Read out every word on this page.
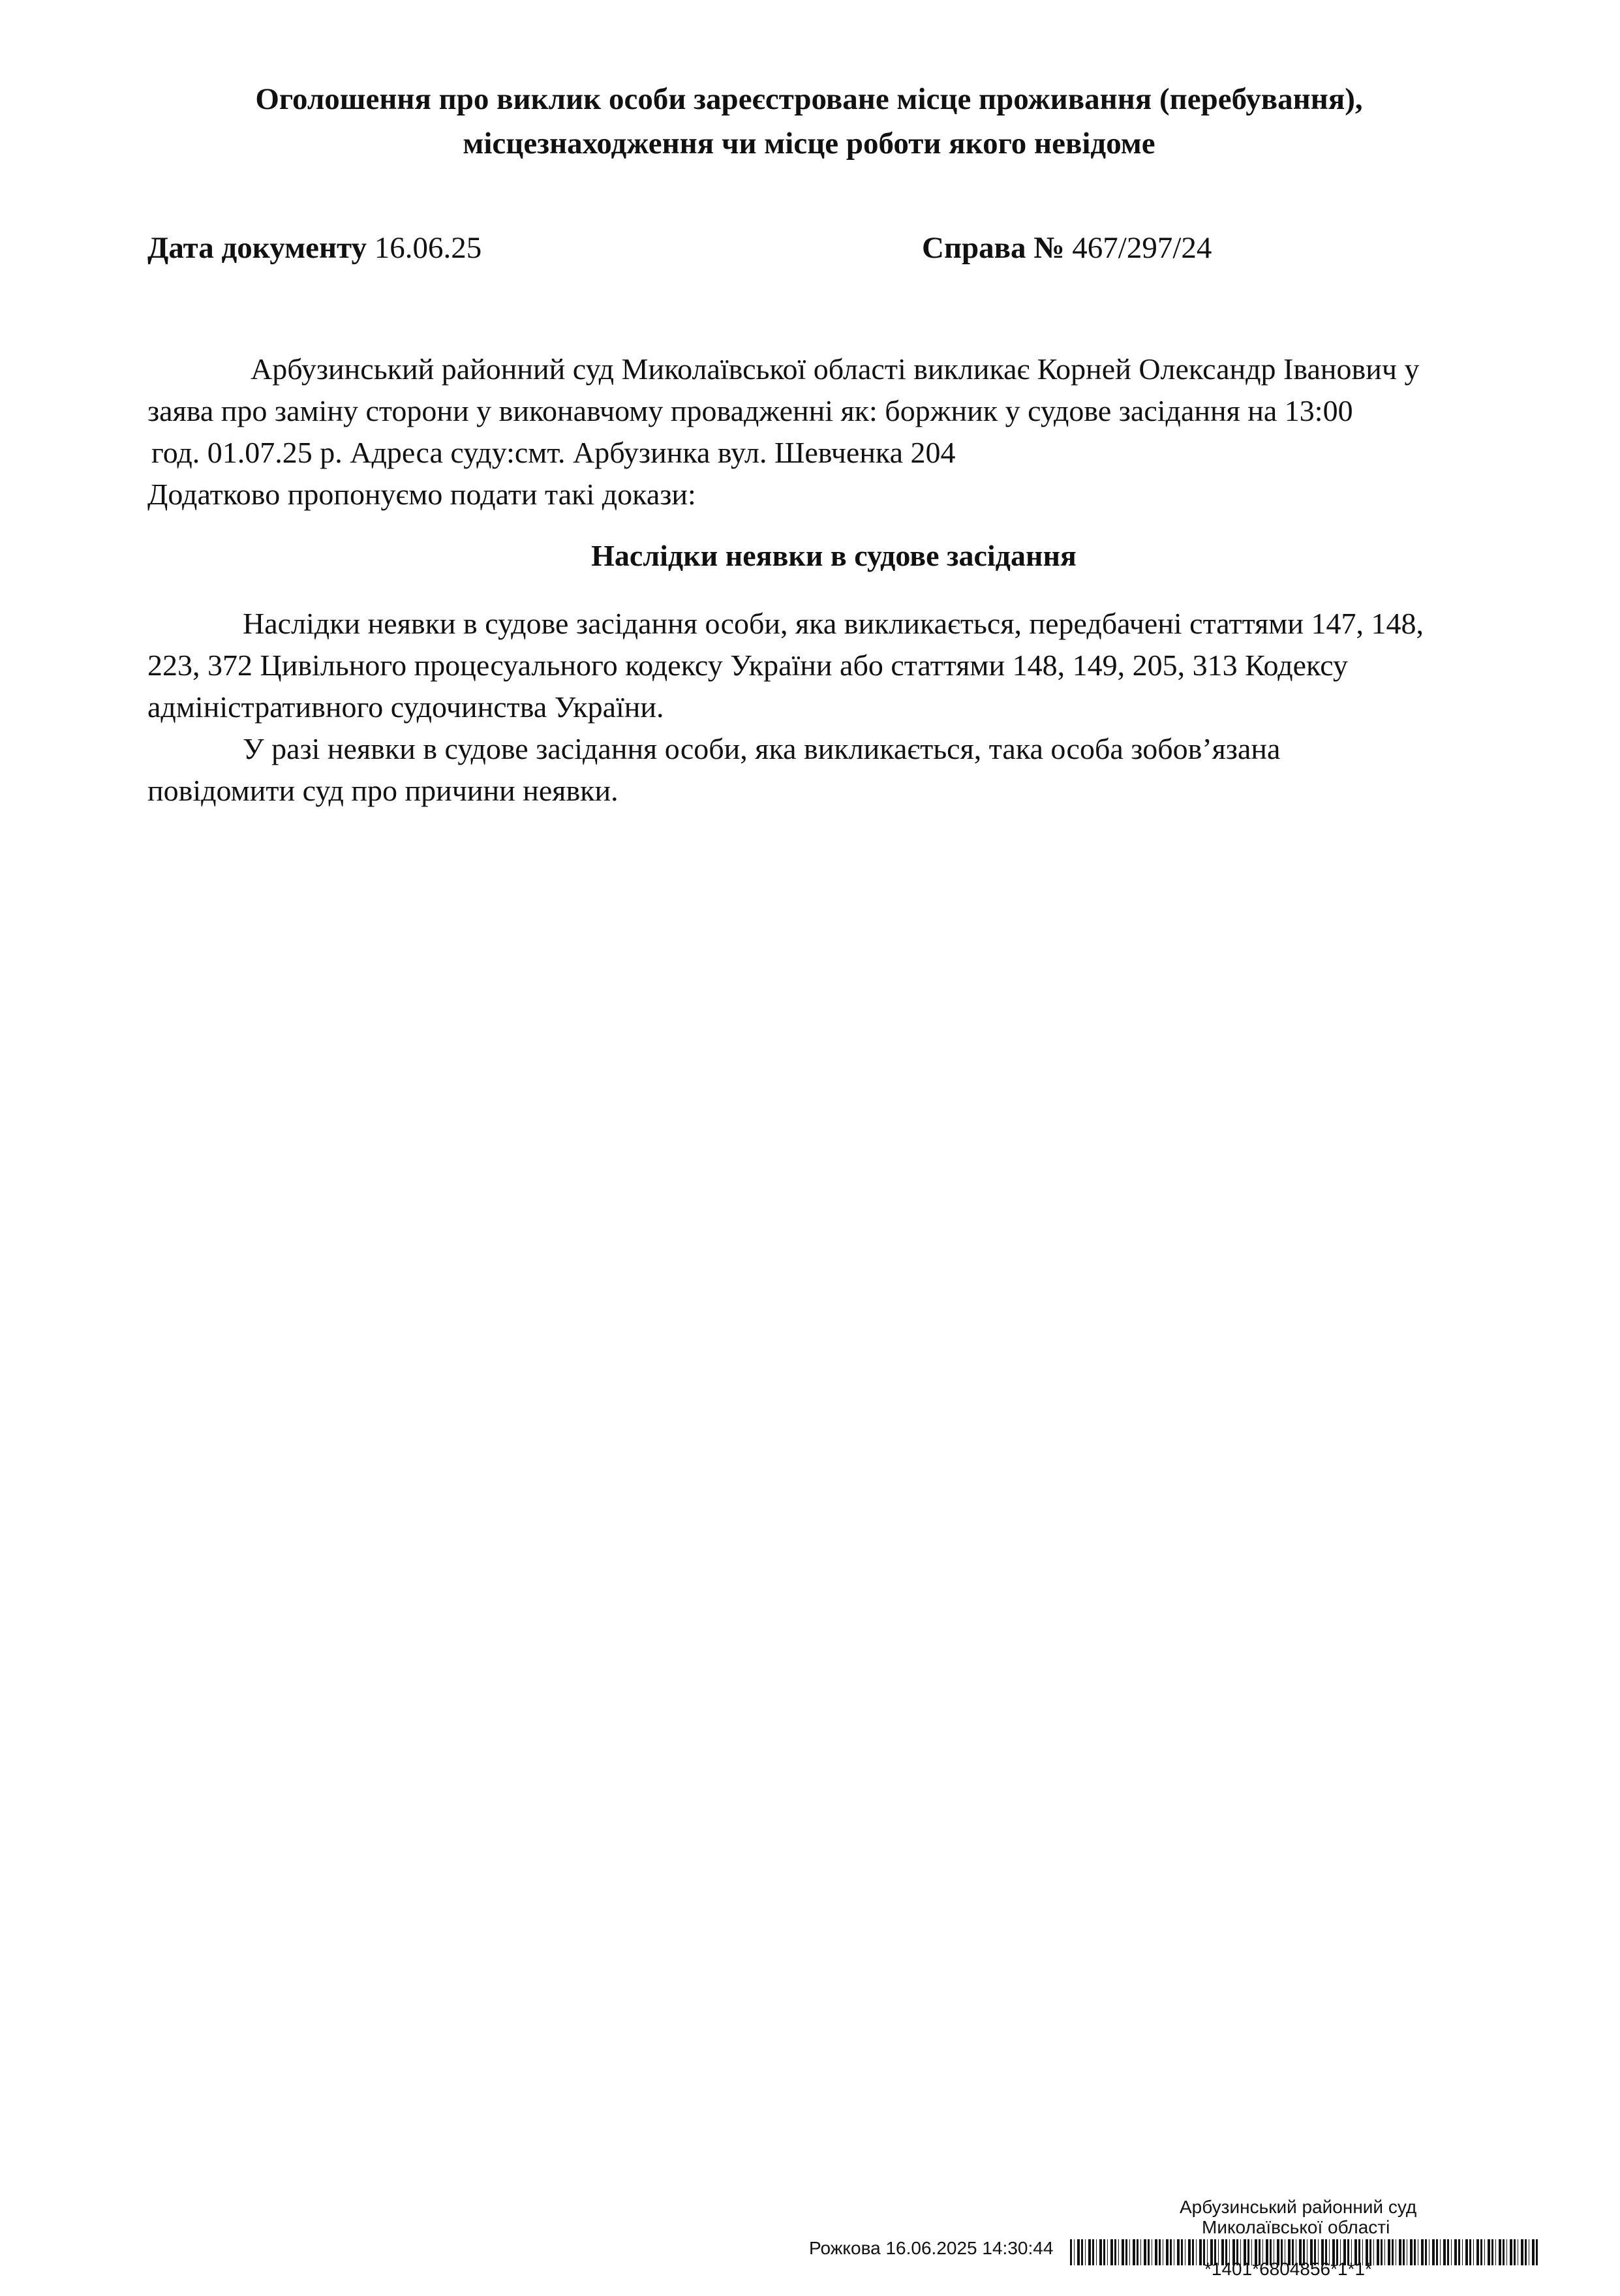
Оголошення про виклик особи зареєстроване місце проживання (перебування),
місцезнаходження чи місце роботи якого невідоме
Дата документу 16.06.25	Справа № 467/297/24
Арбузинський районний суд Миколаївської області викликає Корней Олександр Іванович у
заява про заміну сторони у виконавчому провадженні як: боржник у судове засідання на 13:00
год. 01.07.25 р. Адреса суду:смт. Арбузинка вул. Шевченка 204
Додатково пропонуємо подати такі докази:
Наслідки неявки в судове засідання
Наслідки неявки в судове засідання особи, яка викликається, передбачені статтями 147, 148,
223, 372 Цивільного процесуального кодексу України або статтями 148, 149, 205, 313 Кодексу
адміністративного судочинства України.
У разі неявки в судове засідання особи, яка викликається, така особа зобов’язана
повідомити суд про причини неявки.
Арбузинський районний суд
Миколаївської області
Рожкова 16.06.2025 14:30:44
*1401*6804856*1*1*
